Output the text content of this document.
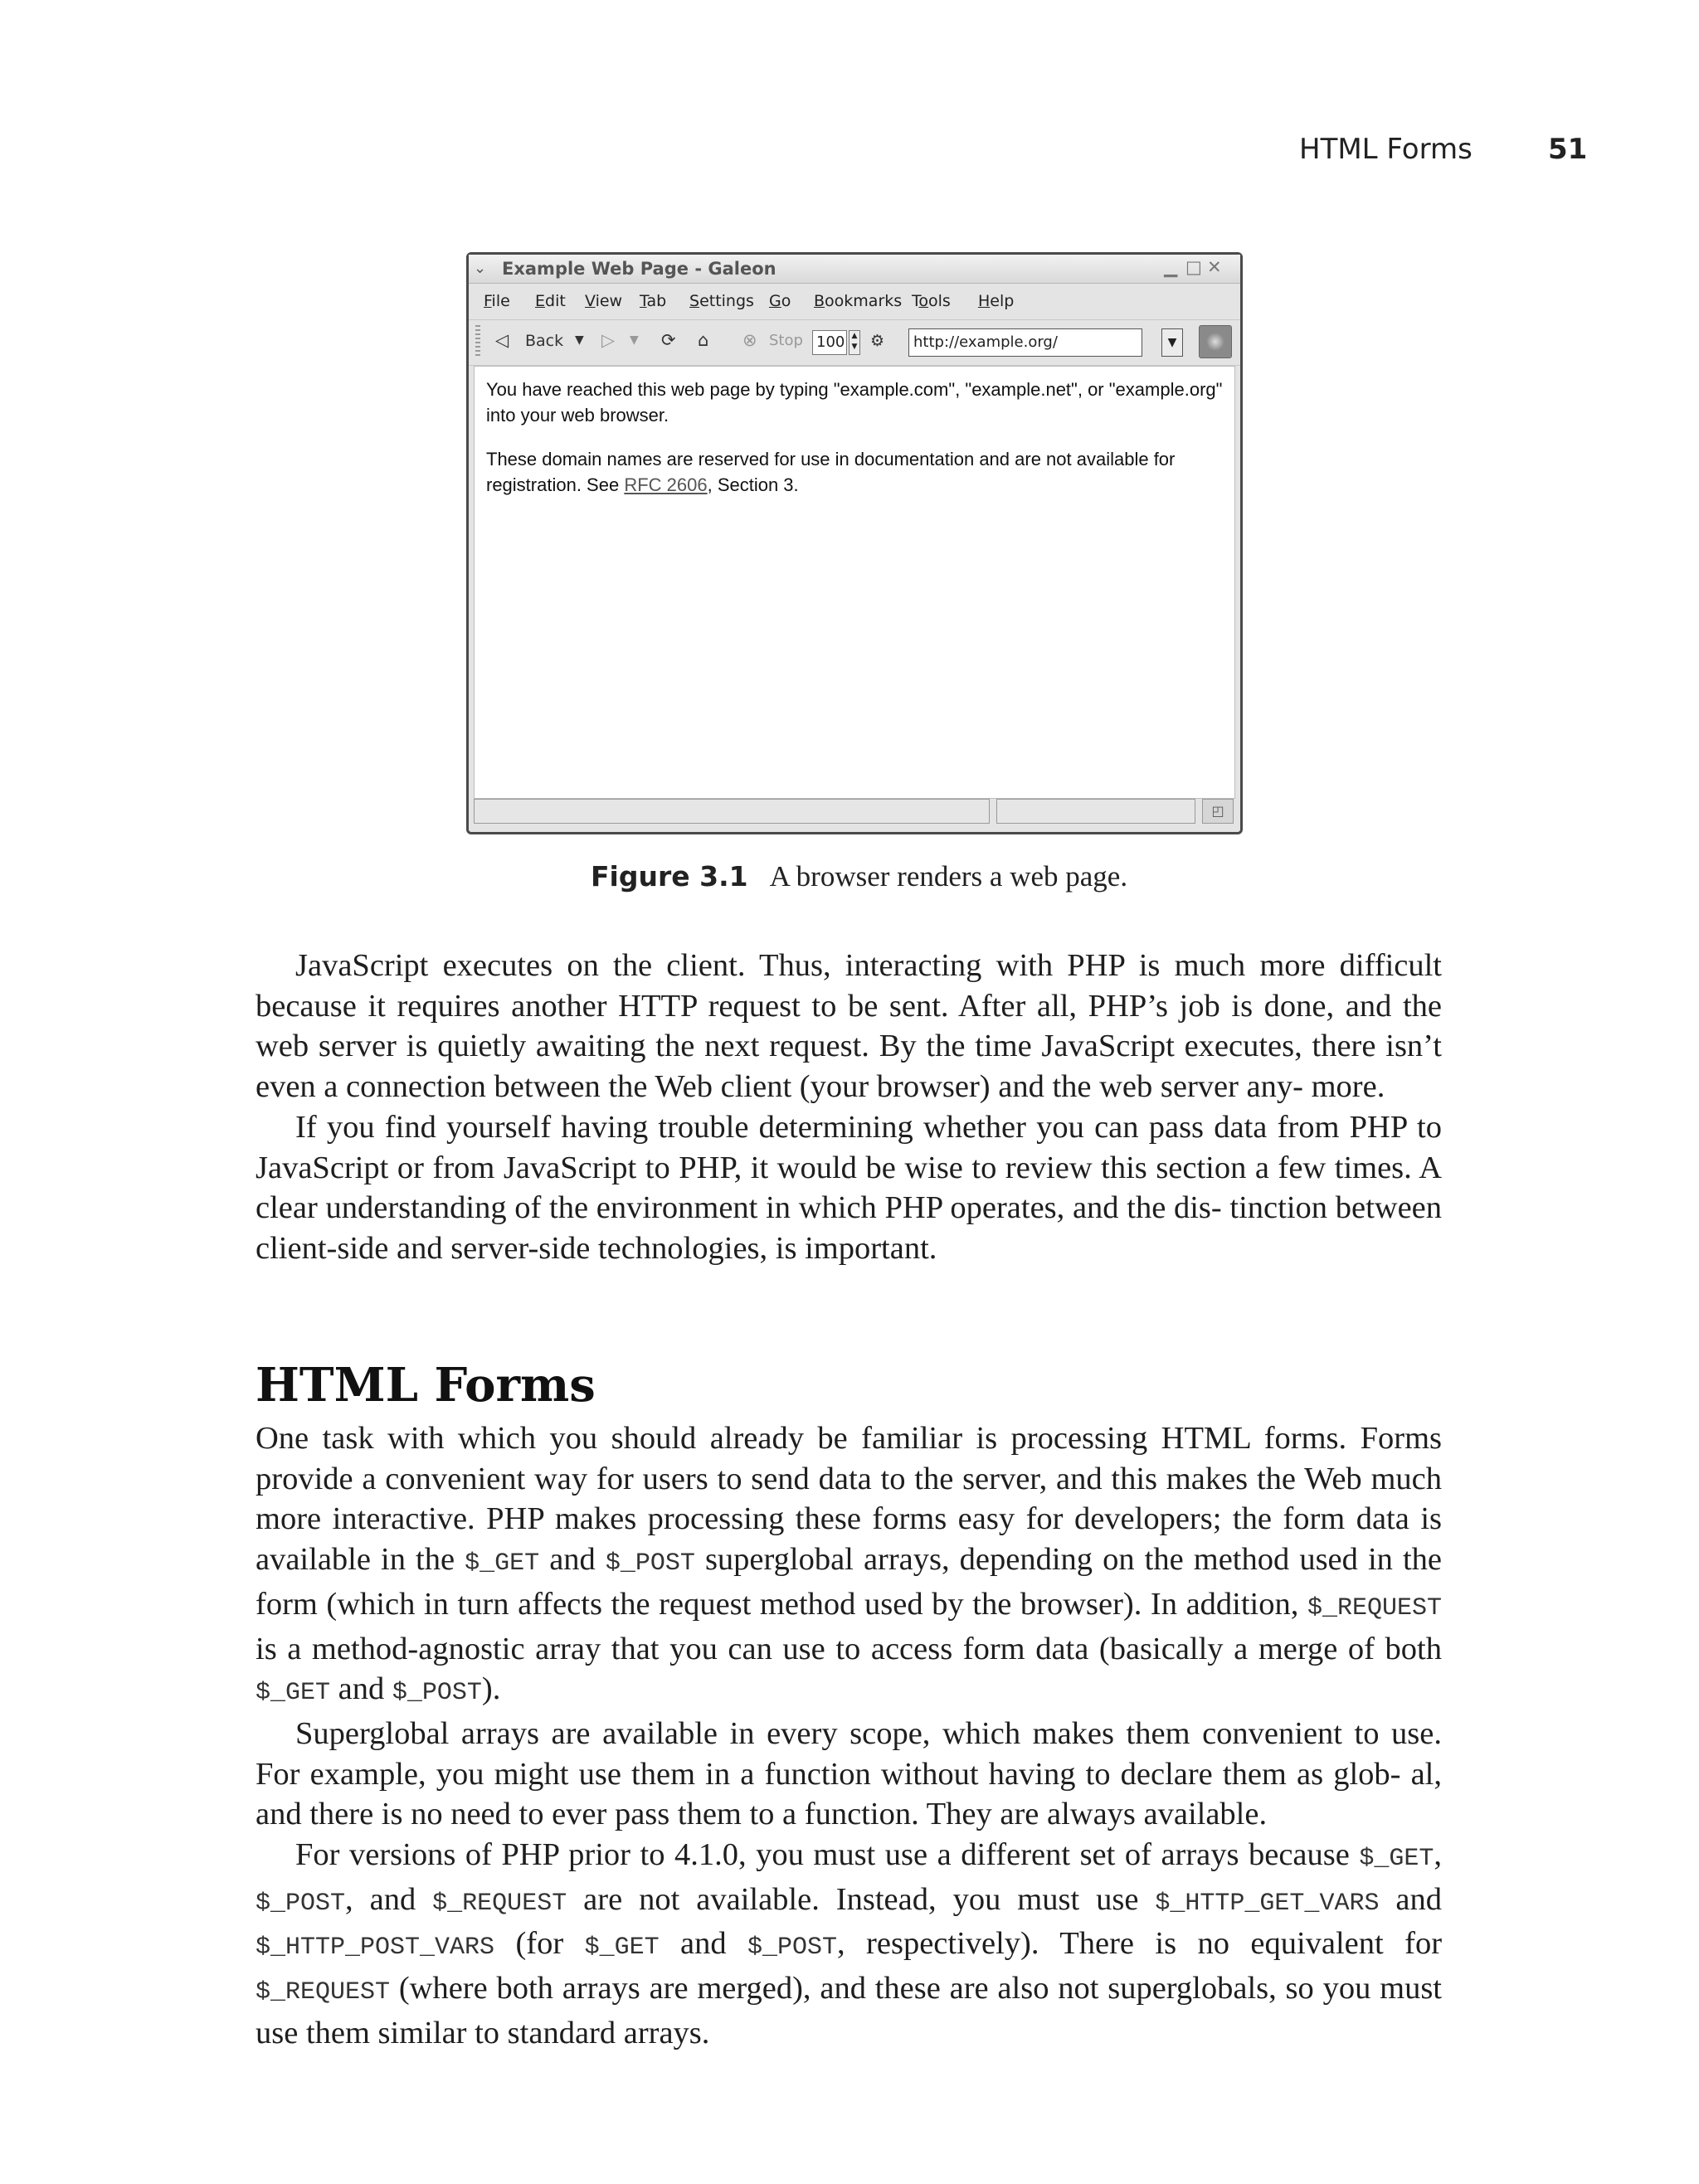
HTML Forms	51
⌄ Example Web Page - Galeon	▁ □ ✕
File Edit View Tab Settings Go Bookmarks Tools Help
◁ Back ▼ ▷ ▼ ⟳ ⌂ ⊗ Stop 100 ▲
▼ ⚙	http://example.org/	▼

You have reached this web page by typing "example.com", "example.net", or "example.org" into your web browser.

These domain names are reserved for use in documentation and are not available for registration. See RFC 2606, Section 3.

◰
Figure 3.1 A browser renders a web page.

JavaScript executes on the client. Thus, interacting with PHP is much more difficult because it requires another HTTP request to be sent. After all, PHP’s job is done, and the web server is quietly awaiting the next request. By the time JavaScript executes, there isn’t even a connection between the Web client (your browser) and the web server any- more.

If you find yourself having trouble determining whether you can pass data from PHP to JavaScript or from JavaScript to PHP, it would be wise to review this section a few times. A clear understanding of the environment in which PHP operates, and the dis- tinction between client-side and server-side technologies, is important.

HTML Forms

One task with which you should already be familiar is processing HTML forms. Forms provide a convenient way for users to send data to the server, and this makes the Web much more interactive. PHP makes processing these forms easy for developers; the form data is available in the $_GET and $_POST superglobal arrays, depending on the method used in the form (which in turn affects the request method used by the browser). In addition, $_REQUEST is a method-agnostic array that you can use to access form data (basically a merge of both $_GET and $_POST).

Superglobal arrays are available in every scope, which makes them convenient to use. For example, you might use them in a function without having to declare them as glob- al, and there is no need to ever pass them to a function. They are always available.

For versions of PHP prior to 4.1.0, you must use a different set of arrays because $_GET, $_POST, and $_REQUEST are not available. Instead, you must use $_HTTP_GET_VARS and $_HTTP_POST_VARS (for $_GET and $_POST, respectively). There is no equivalent for $_REQUEST (where both arrays are merged), and these are also not superglobals, so you must use them similar to standard arrays.
